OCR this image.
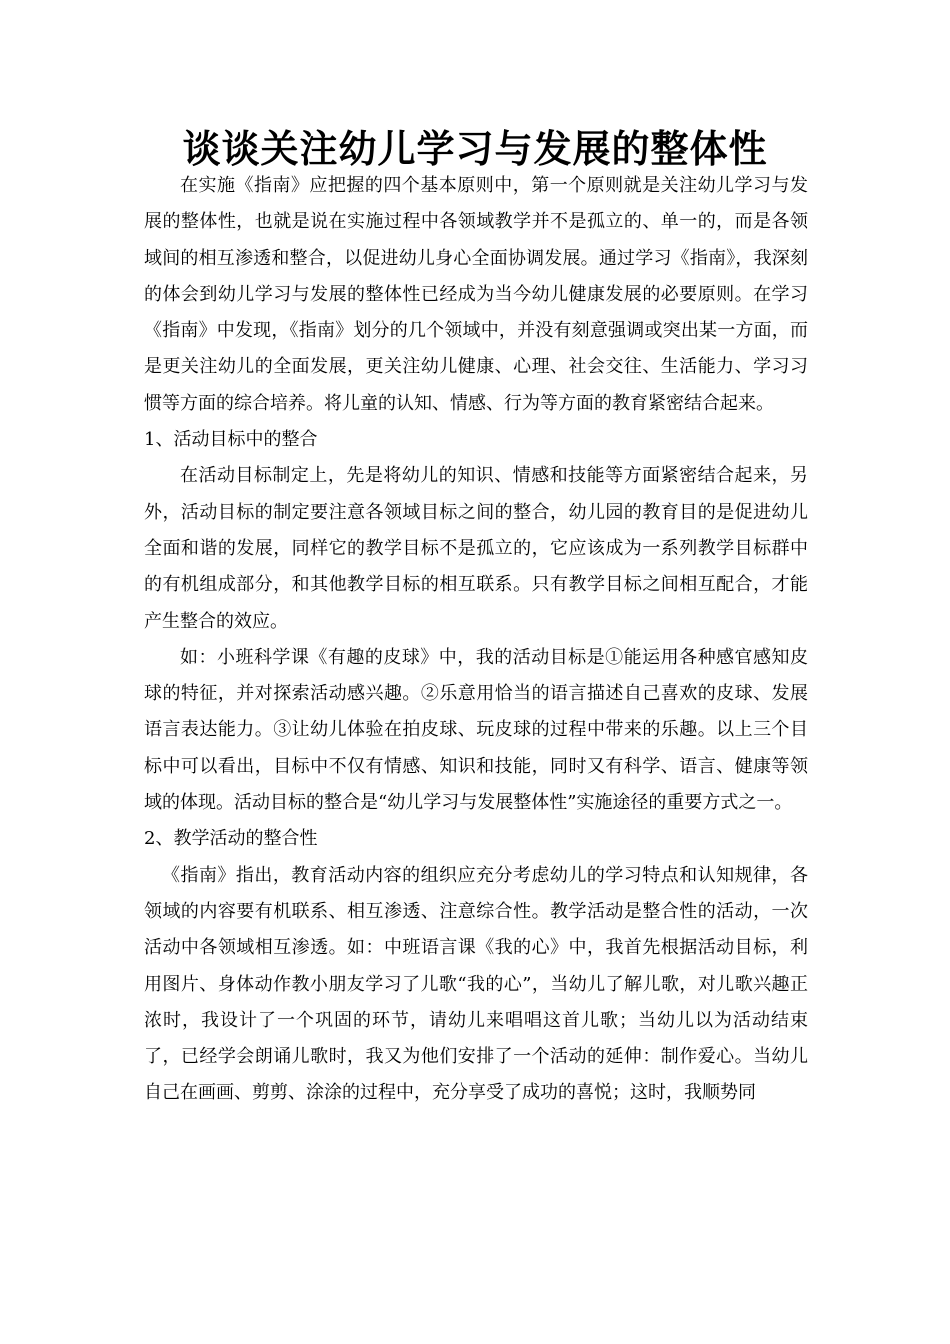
谈谈关注幼儿学习与发展的整体性

在实施《指南》应把握的四个基本原则中，第一个原则就是关注幼儿学习与发展的整体性，也就是说在实施过程中各领域教学并不是孤立的、单一的，而是各领域间的相互渗透和整合，以促进幼儿身心全面协调发展。通过学习《指南》，我深刻的体会到幼儿学习与发展的整体性已经成为当今幼儿健康发展的必要原则。在学习《指南》中发现，《指南》划分的几个领域中，并没有刻意强调或突出某一方面，而是更关注幼儿的全面发展，更关注幼儿健康、心理、社会交往、生活能力、学习习惯等方面的综合培养。将儿童的认知、情感、行为等方面的教育紧密结合起来。

1、活动目标中的整合

在活动目标制定上，先是将幼儿的知识、情感和技能等方面紧密结合起来，另外，活动目标的制定要注意各领域目标之间的整合，幼儿园的教育目的是促进幼儿全面和谐的发展，同样它的教学目标不是孤立的，它应该成为一系列教学目标群中的有机组成部分，和其他教学目标的相互联系。只有教学目标之间相互配合，才能产生整合的效应。

如：小班科学课《有趣的皮球》中，我的活动目标是①能运用各种感官感知皮球的特征，并对探索活动感兴趣。②乐意用恰当的语言描述自己喜欢的皮球、发展语言表达能力。③让幼儿体验在拍皮球、玩皮球的过程中带来的乐趣。以上三个目标中可以看出，目标中不仅有情感、知识和技能，同时又有科学、语言、健康等领域的体现。活动目标的整合是“幼儿学习与发展整体性”实施途径的重要方式之一。

2、教学活动的整合性

《指南》指出，教育活动内容的组织应充分考虑幼儿的学习特点和认知规律，各领域的内容要有机联系、相互渗透、注意综合性。教学活动是整合性的活动，一次活动中各领域相互渗透。如：中班语言课《我的心》中，我首先根据活动目标，利用图片、身体动作教小朋友学习了儿歌“我的心”，当幼儿了解儿歌，对儿歌兴趣正浓时，我设计了一个巩固的环节，请幼儿来唱唱这首儿歌；当幼儿以为活动结束了，已经学会朗诵儿歌时，我又为他们安排了一个活动的延伸：制作爱心。当幼儿自己在画画、剪剪、涂涂的过程中，充分享受了成功的喜悦；这时，我顺势同
